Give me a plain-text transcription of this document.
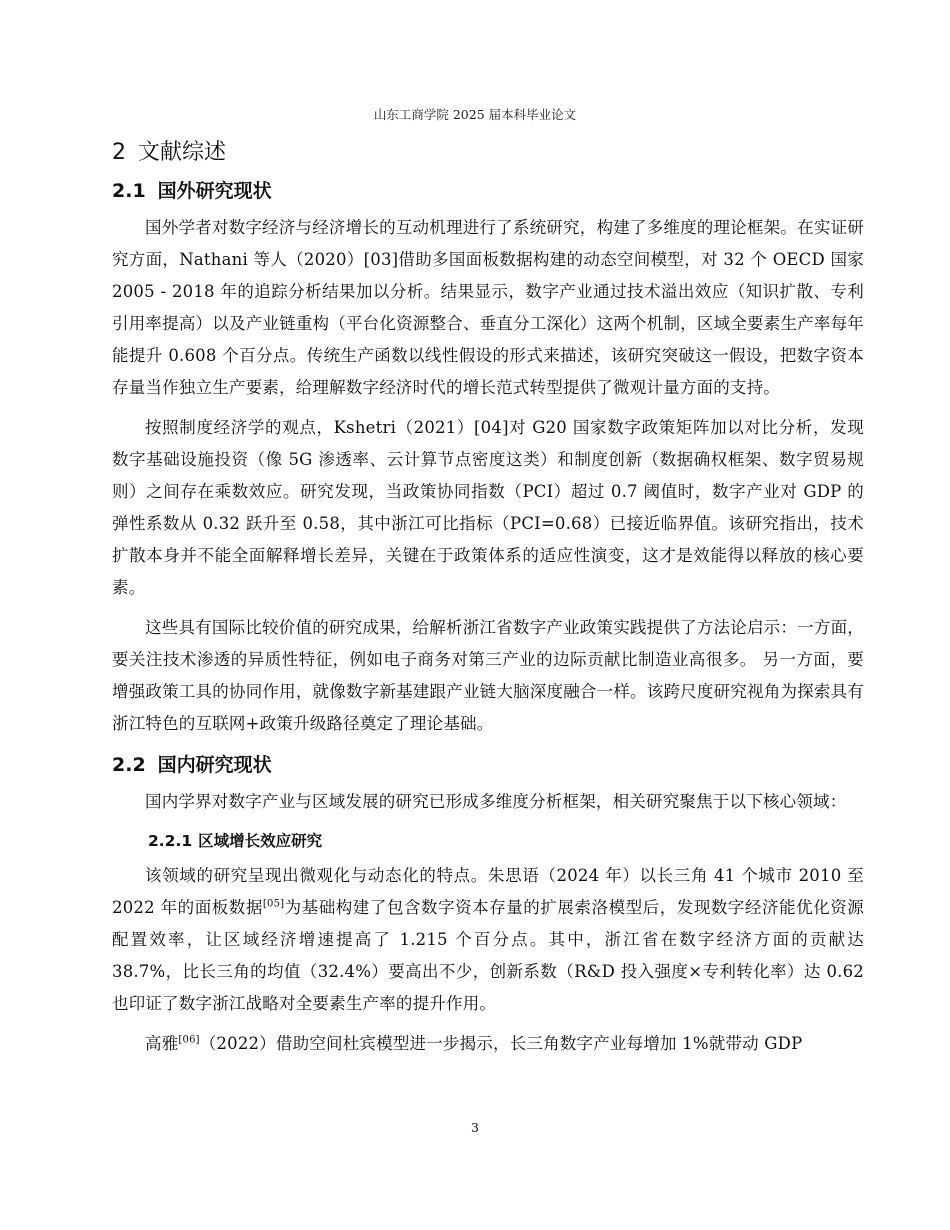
山东工商学院 2025 届本科毕业论文
2 文献综述
2.1 国外研究现状

国外学者对数字经济与经济增长的互动机理进行了系统研究，构建了多维度的理论框架。在实证研究方面，Nathani 等人（2020）[03]借助多国面板数据构建的动态空间模型，对 32 个 OECD 国家 2005 - 2018 年的追踪分析结果加以分析。结果显示，数字产业通过技术溢出效应（知识扩散、专利引用率提高）以及产业链重构（平台化资源整合、垂直分工深化）这两个机制，区域全要素生产率每年能提升 0.608 个百分点。传统生产函数以线性假设的形式来描述，该研究突破这一假设，把数字资本存量当作独立生产要素，给理解数字经济时代的增长范式转型提供了微观计量方面的支持。

按照制度经济学的观点，Kshetri（2021）[04]对 G20 国家数字政策矩阵加以对比分析，发现数字基础设施投资（像 5G 渗透率、云计算节点密度这类）和制度创新（数据确权框架、数字贸易规则）之间存在乘数效应。研究发现，当政策协同指数（PCI）超过 0.7 阈值时，数字产业对 GDP 的弹性系数从 0.32 跃升至 0.58，其中浙江可比指标（PCI=0.68）已接近临界值。该研究指出，技术扩散本身并不能全面解释增长差异，关键在于政策体系的适应性演变，这才是效能得以释放的核心要素。

这些具有国际比较价值的研究成果，给解析浙江省数字产业政策实践提供了方法论启示：一方面，要关注技术渗透的异质性特征，例如电子商务对第三产业的边际贡献比制造业高很多。 另一方面，要增强政策工具的协同作用，就像数字新基建跟产业链大脑深度融合一样。该跨尺度研究视角为探索具有浙江特色的互联网+政策升级路径奠定了理论基础。

2.2 国内研究现状

国内学界对数字产业与区域发展的研究已形成多维度分析框架，相关研究聚焦于以下核心领域：

2.2.1 区域增长效应研究

该领域的研究呈现出微观化与动态化的特点。朱思语（2024 年）以长三角 41 个城市 2010 至 2022 年的面板数据[05]为基础构建了包含数字资本存量的扩展索洛模型后，发现数字经济能优化资源配置效率，让区域经济增速提高了 1.215 个百分点。其中，浙江省在数字经济方面的贡献达 38.7%，比长三角的均值（32.4%）要高出不少，创新系数（R&D 投入强度×专利转化率）达 0.62 也印证了数字浙江战略对全要素生产率的提升作用。

高雅[06]（2022）借助空间杜宾模型进一步揭示，长三角数字产业每增加 1%就带动 GDP

3
